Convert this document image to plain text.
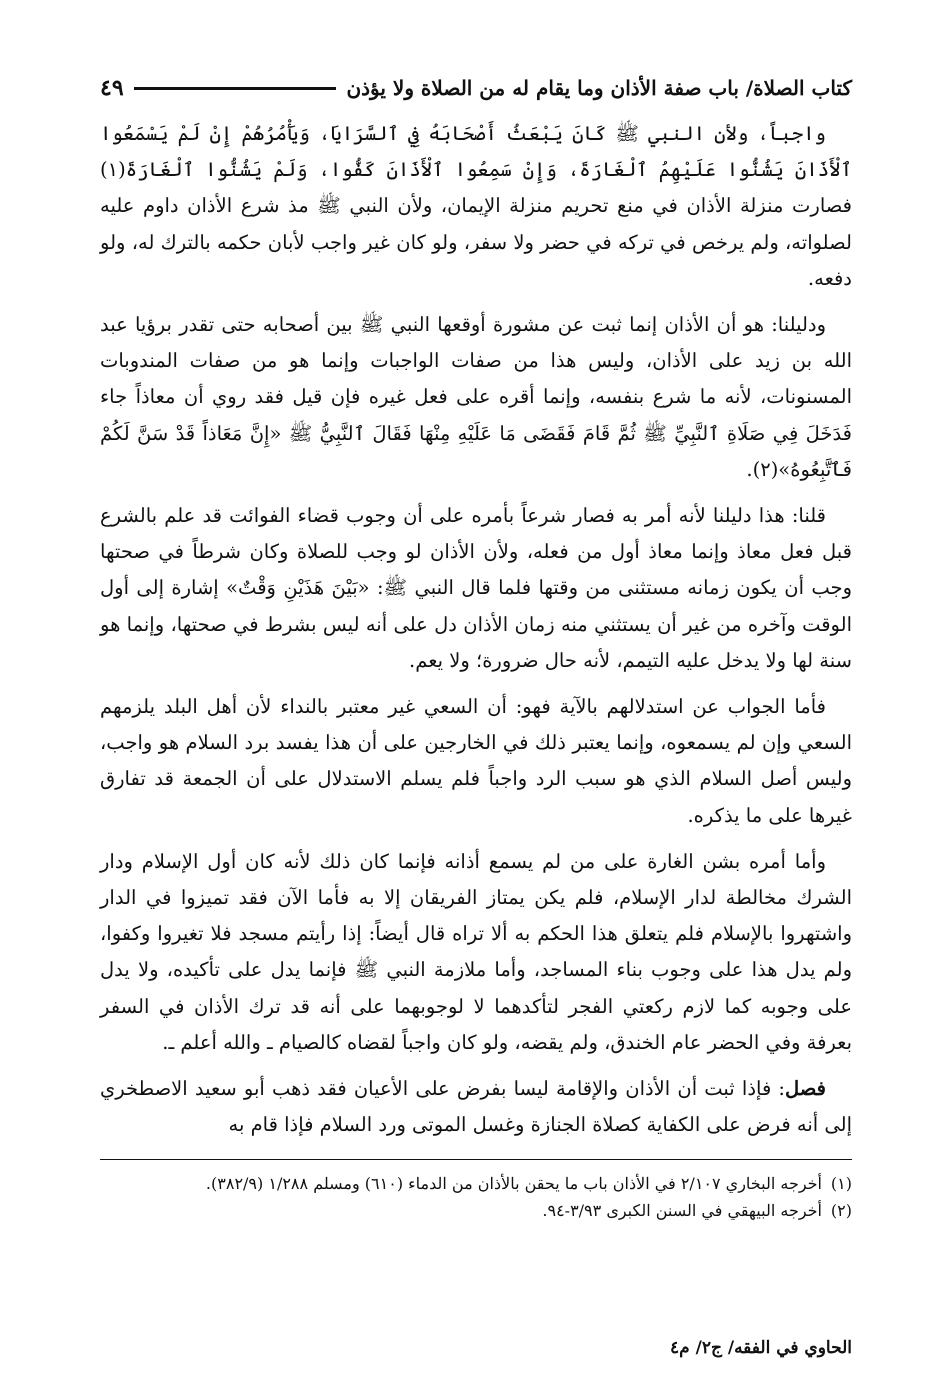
كتاب الصلاة/ باب صفة الأذان وما يقام له من الصلاة ولا يؤذن
٤٩

واجباً، ولأن النبي ﷺ كَانَ يَبْعَثُ أَصْحَابَهُ فِي ٱلسَّرَايَا، وَيَأْمُرُهُمْ إِنْ لَمْ يَسْمَعُوا ٱلْأَذَانَ يَشُنُّوا عَلَيْهِمُ ٱلْغَارَةَ، وَإِنْ سَمِعُوا ٱلْأَذَانَ كَفُّوا، وَلَمْ يَشُنُّوا ٱلْغَارَةَ(١) فصارت منزلة الأذان في منع تحريم منزلة الإيمان، ولأن النبي ﷺ مذ شرع الأذان داوم عليه لصلواته، ولم يرخص في تركه في حضر ولا سفر، ولو كان غير واجب لأبان حكمه بالترك له، ولو دفعه.

ودليلنا: هو أن الأذان إنما ثبت عن مشورة أوقعها النبي ﷺ بين أصحابه حتى تقدر برؤيا عبد الله بن زيد على الأذان، وليس هذا من صفات الواجبات وإنما هو من صفات المندوبات المسنونات، لأنه ما شرع بنفسه، وإنما أقره على فعل غيره فإن قيل فقد روي أن معاذاً جاء فَدَخَلَ فِي صَلَاةِ ٱلنَّبِيِّ ﷺ ثُمَّ قَامَ فَقَضَى مَا عَلَيْهِ مِنْهَا فَقَالَ ٱلنَّبِيُّ ﷺ «إِنَّ مَعَاذاً قَدْ سَنَّ لَكُمْ فَٱتَّبِعُوهُ»(٢).

قلنا: هذا دليلنا لأنه أمر به فصار شرعاً بأمره على أن وجوب قضاء الفوائت قد علم بالشرع قبل فعل معاذ وإنما معاذ أول من فعله، ولأن الأذان لو وجب للصلاة وكان شرطاً في صحتها وجب أن يكون زمانه مستثنى من وقتها فلما قال النبي ﷺ: «بَيْنَ هَذَيْنِ وَقْتٌ» إشارة إلى أول الوقت وآخره من غير أن يستثني منه زمان الأذان دل على أنه ليس بشرط في صحتها، وإنما هو سنة لها ولا يدخل عليه التيمم، لأنه حال ضرورة؛ ولا يعم.

فأما الجواب عن استدلالهم بالآية فهو: أن السعي غير معتبر بالنداء لأن أهل البلد يلزمهم السعي وإن لم يسمعوه، وإنما يعتبر ذلك في الخارجين على أن هذا يفسد برد السلام هو واجب، وليس أصل السلام الذي هو سبب الرد واجباً فلم يسلم الاستدلال على أن الجمعة قد تفارق غيرها على ما يذكره.

وأما أمره بشن الغارة على من لم يسمع أذانه فإنما كان ذلك لأنه كان أول الإسلام ودار الشرك مخالطة لدار الإسلام، فلم يكن يمتاز الفريقان إلا به فأما الآن فقد تميزوا في الدار واشتهروا بالإسلام فلم يتعلق هذا الحكم به ألا تراه قال أيضاً: إذا رأيتم مسجد فلا تغيروا وكفوا، ولم يدل هذا على وجوب بناء المساجد، وأما ملازمة النبي ﷺ فإنما يدل على تأكيده، ولا يدل على وجوبه كما لازم ركعتي الفجر لتأكدهما لا لوجوبهما على أنه قد ترك الأذان في السفر بعرفة وفي الحضر عام الخندق، ولم يقضه، ولو كان واجباً لقضاه كالصيام ـ والله أعلم ـ.

فصل: فإذا ثبت أن الأذان والإقامة ليسا بفرض على الأعيان فقد ذهب أبو سعيد الاصطخري إلى أنه فرض على الكفاية كصلاة الجنازة وغسل الموتى ورد السلام فإذا قام به

(١)
أخرجه البخاري ٢/١٠٧ في الأذان باب ما يحقن بالأذان من الدماء (٦١٠) ومسلم ١/٢٨٨ (٣٨٢/٩).
(٢)
أخرجه البيهقي في السنن الكبرى ٣/٩٣-٩٤.
الحاوي في الفقه/ ج٢/ م٤
